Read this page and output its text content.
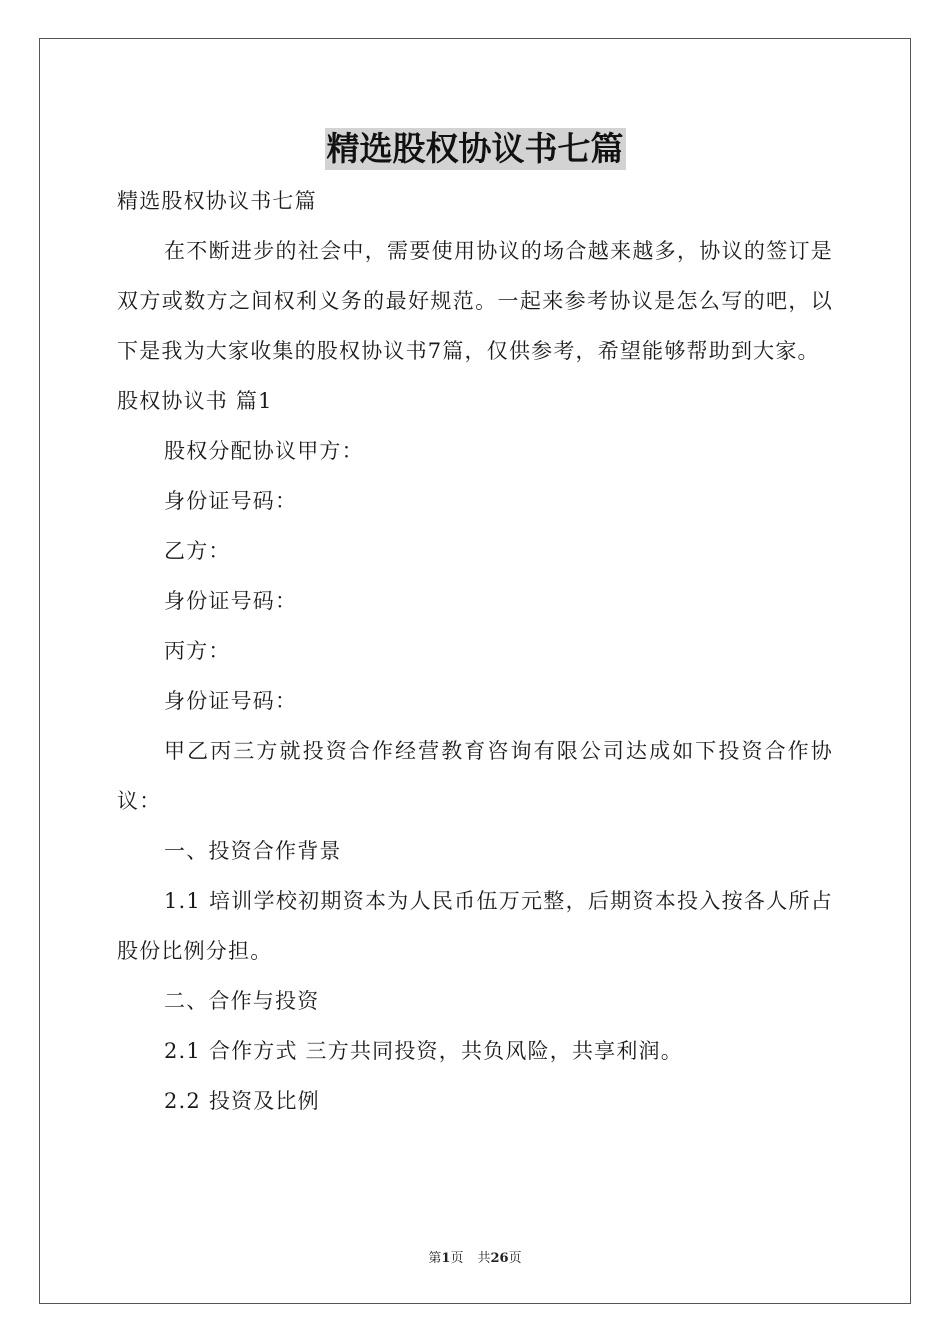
精选股权协议书七篇

精选股权协议书七篇

在不断进步的社会中，需要使用协议的场合越来越多，协议的签订是双方或数方之间权利义务的最好规范。一起来参考协议是怎么写的吧，以下是我为大家收集的股权协议书7篇，仅供参考，希望能够帮助到大家。

股权协议书 篇1

股权分配协议甲方：

身份证号码：

乙方：

身份证号码：

丙方：

身份证号码：

甲乙丙三方就投资合作经营教育咨询有限公司达成如下投资合作协议：

一、投资合作背景

1.1 培训学校初期资本为人民币伍万元整，后期资本投入按各人所占股份比例分担。

二、合作与投资

2.1 合作方式 三方共同投资，共负风险，共享利润。

2.2 投资及比例

第1页 共26页
